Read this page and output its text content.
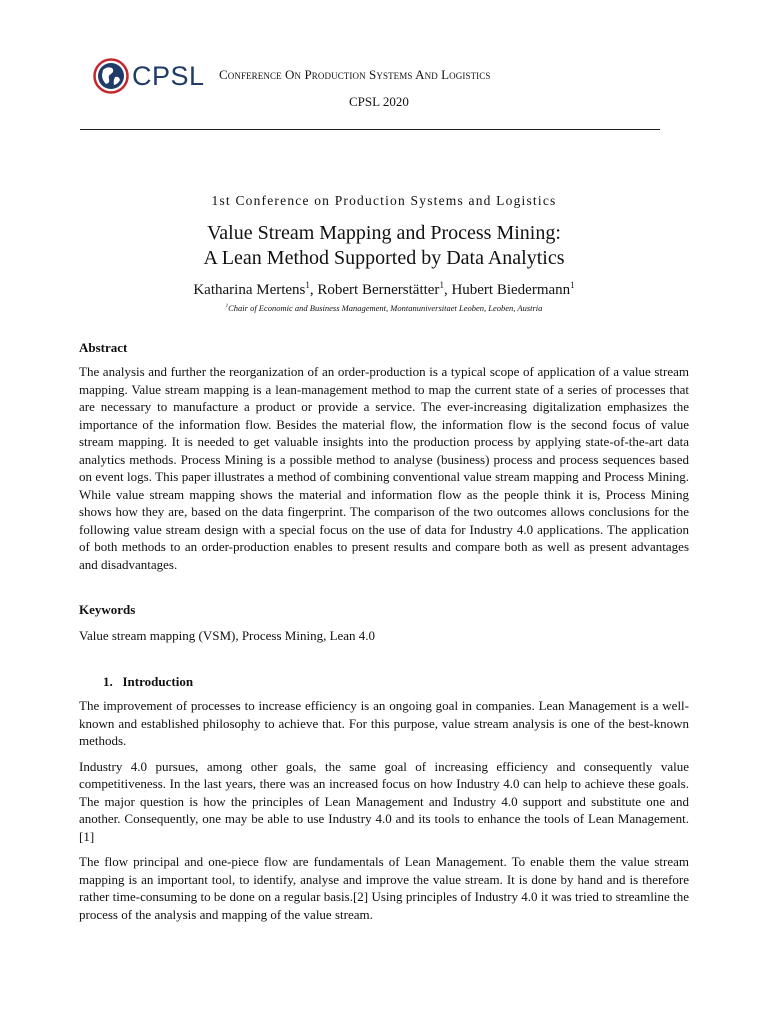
CPSL Conference On Production Systems And Logistics
CPSL 2020
1st Conference on Production Systems and Logistics
Value Stream Mapping and Process Mining:
A Lean Method Supported by Data Analytics
Katharina Mertens$^1$, Robert Bernerstätter$^1$, Hubert Biedermann$^1$
$^1$Chair of Economic and Business Management, Montanuniversitaet Leoben, Leoben, Austria
Abstract
The analysis and further the reorganization of an order-production is a typical scope of application of a value stream mapping. Value stream mapping is a lean-management method to map the current state of a series of processes that are necessary to manufacture a product or provide a service. The ever-increasing digitalization emphasizes the importance of the information flow. Besides the material flow, the information flow is the second focus of value stream mapping. It is needed to get valuable insights into the production process by applying state-of-the-art data analytics methods. Process Mining is a possible method to analyse (business) process and process sequences based on event logs. This paper illustrates a method of combining conventional value stream mapping and Process Mining. While value stream mapping shows the material and information flow as the people think it is, Process Mining shows how they are, based on the data fingerprint. The comparison of the two outcomes allows conclusions for the following value stream design with a special focus on the use of data for Industry 4.0 applications. The application of both methods to an order-production enables to present results and compare both as well as present advantages and disadvantages.
Keywords
Value stream mapping (VSM), Process Mining, Lean 4.0
1. Introduction

The improvement of processes to increase efficiency is an ongoing goal in companies. Lean Management is a well-known and established philosophy to achieve that. For this purpose, value stream analysis is one of the best-known methods.

Industry 4.0 pursues, among other goals, the same goal of increasing efficiency and consequently value competitiveness. In the last years, there was an increased focus on how Industry 4.0 can help to achieve these goals. The major question is how the principles of Lean Management and Industry 4.0 support and substitute one and another. Consequently, one may be able to use Industry 4.0 and its tools to enhance the tools of Lean Management.[1]

The flow principal and one-piece flow are fundamentals of Lean Management. To enable them the value stream mapping is an important tool, to identify, analyse and improve the value stream. It is done by hand and is therefore rather time-consuming to be done on a regular basis.[2] Using principles of Industry 4.0 it was tried to streamline the process of the analysis and mapping of the value stream.
